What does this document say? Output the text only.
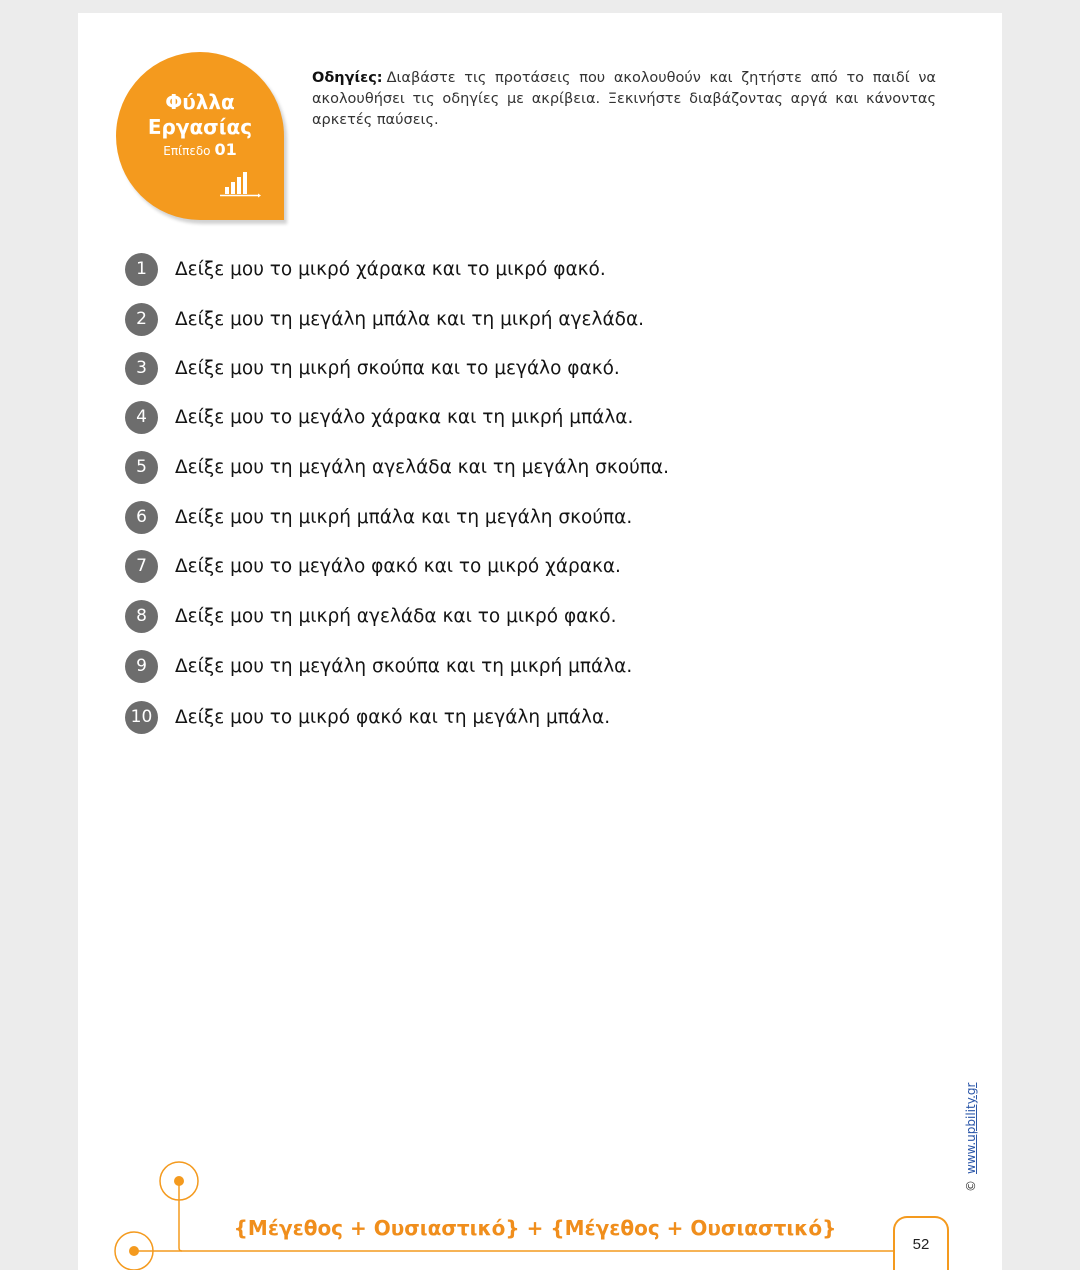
Φύλλα
Εργασίας
Επίπεδο 01
Οδηγίες: Διαβάστε τις προτάσεις που ακολουθούν και ζητήστε από το παιδί να ακολουθήσει τις οδηγίες με ακρίβεια. Ξεκινήστε διαβάζοντας αργά και κάνοντας αρκετές παύσεις.
1	Δείξε μου το μικρό χάρακα και το μικρό φακό.
2	Δείξε μου τη μεγάλη μπάλα και τη μικρή αγελάδα.
3	Δείξε μου τη μικρή σκούπα και το μεγάλο φακό.
4	Δείξε μου το μεγάλο χάρακα και τη μικρή μπάλα.
5	Δείξε μου τη μεγάλη αγελάδα και τη μεγάλη σκούπα.
6	Δείξε μου τη μικρή μπάλα και τη μεγάλη σκούπα.
7	Δείξε μου το μεγάλο φακό και το μικρό χάρακα.
8	Δείξε μου τη μικρή αγελάδα και το μικρό φακό.
9	Δείξε μου τη μεγάλη σκούπα και τη μικρή μπάλα.
10	Δείξε μου το μικρό φακό και τη μεγάλη μπάλα.
©www.upbility.gr
{Μέγεθος + Ουσιαστικό} + {Μέγεθος + Ουσιαστικό}
52
